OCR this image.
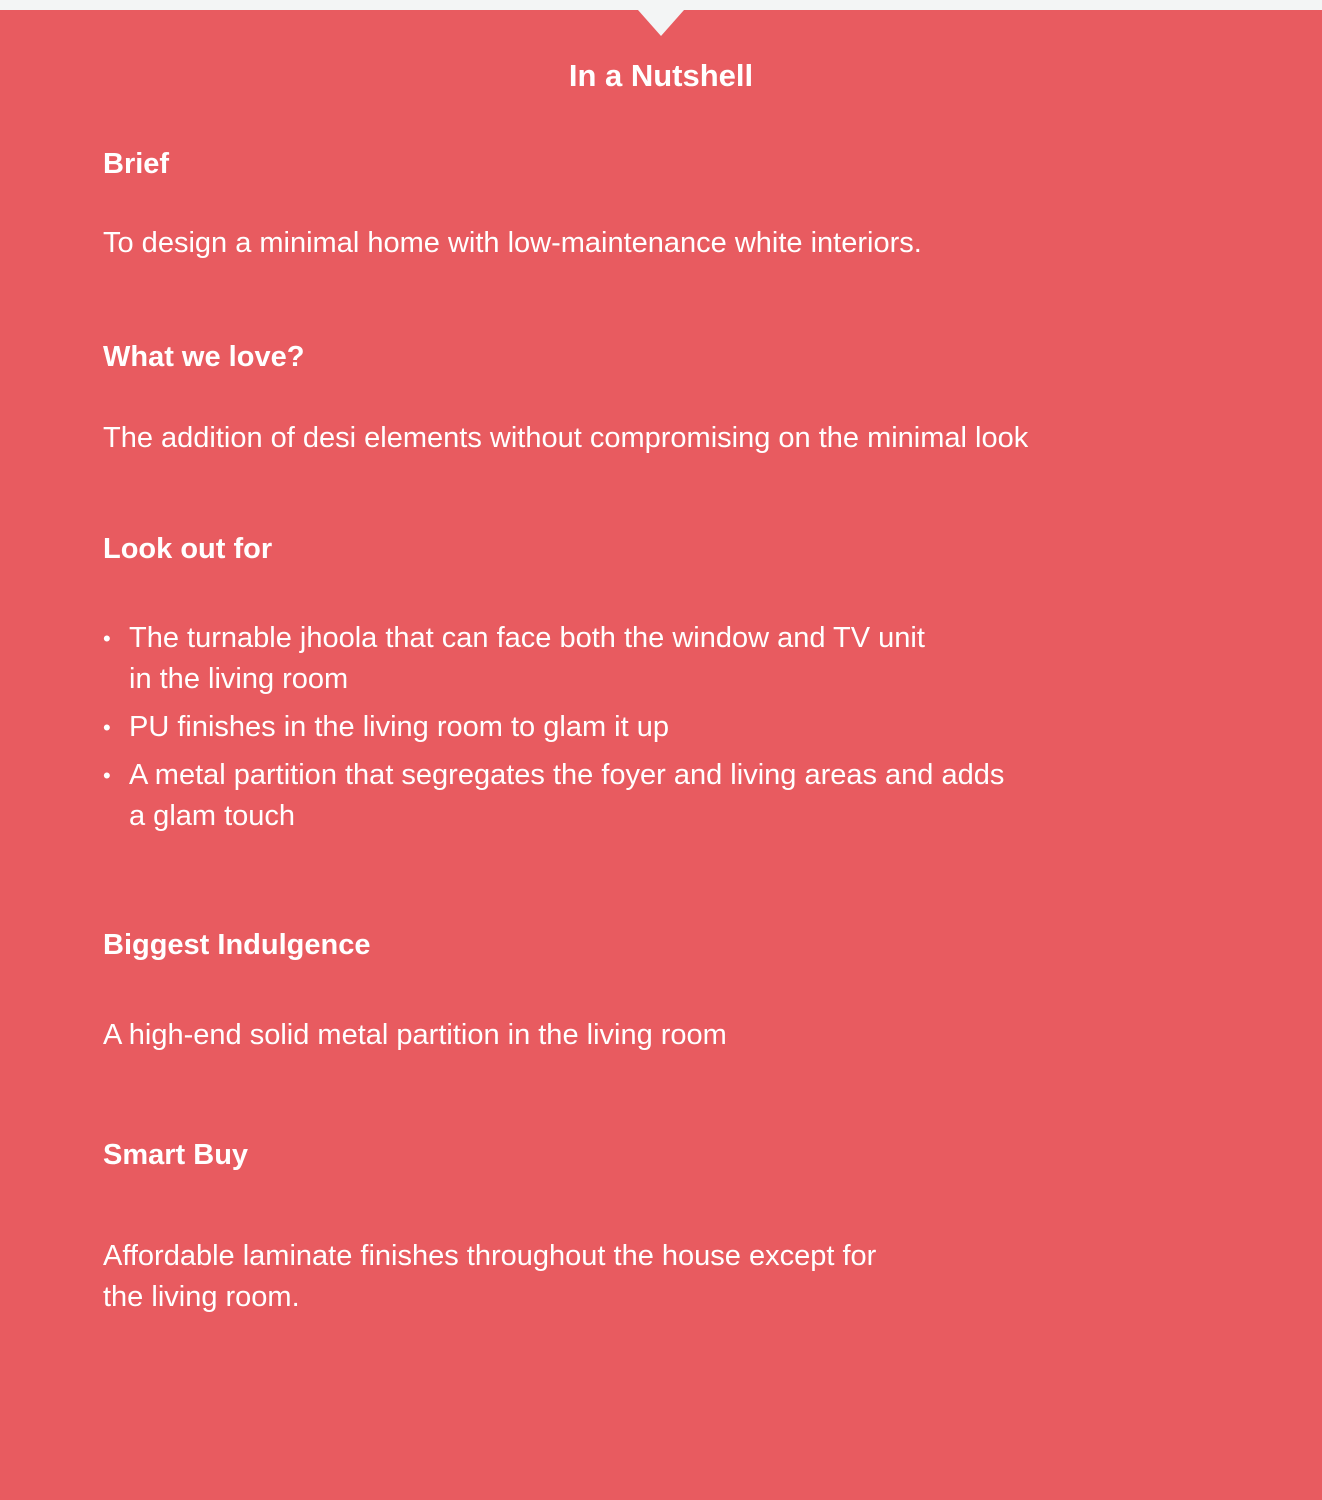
In a Nutshell
Brief

To design a minimal home with low-maintenance white interiors.

What we love?

The addition of desi elements without compromising on the minimal look

Look out for
• The turnable jhoola that can face both the window and TV unit
in the living room
• PU finishes in the living room to glam it up
• A metal partition that segregates the foyer and living areas and adds
a glam touch
Biggest Indulgence

A high-end solid metal partition in the living room

Smart Buy

Affordable laminate finishes throughout the house except for
the living room.
